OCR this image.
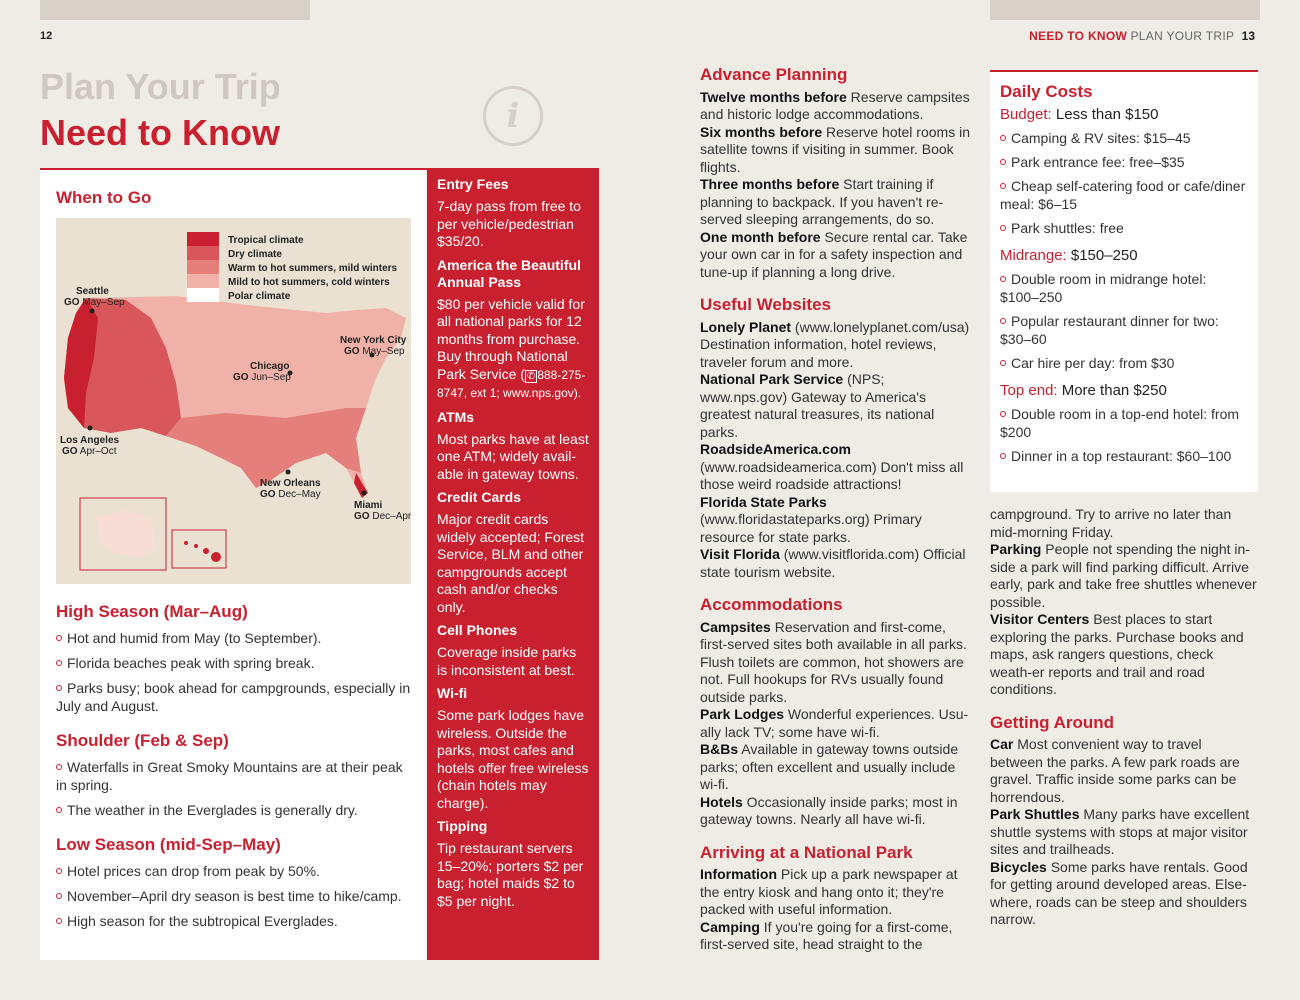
12	NEED TO KNOW PLAN YOUR TRIP 13
Plan Your Trip
Need to Know	i
When to Go
High Season (Mar–Aug)
Hot and humid from May (to September).
Florida beaches peak with spring break.
Parks busy; book ahead for campgrounds, especially in July and August.
Shoulder (Feb & Sep)
Waterfalls in Great Smoky Mountains are at their peak in spring.
The weather in the Everglades is generally dry.
Low Season (mid-Sep–May)
Hotel prices can drop from peak by 50%.
November–April dry season is best time to hike/camp.
High season for the subtropical Everglades.
Tropical climate
Dry climate
Warm to hot summers, mild winters
Mild to hot summers, cold winters
Polar climate
Seattle
GO May–Sep
New York City
GO May–Sep
Chicago
GO Jun–Sep
Los Angeles
GO Apr–Oct
New Orleans
GO Dec–May
Miami
GO Dec–Apr
Entry Fees
7-day pass from free to per vehicle/pedestrian $35/20.
America the Beautiful Annual Pass
$80 per vehicle valid for all national parks for 12 months from purchase. Buy through National Park Service ( ✆ 888-275-8747, ext 1; www.nps.gov).
ATMs
Most parks have at least one ATM; widely avail-able in gateway towns.
Credit Cards
Major credit cards widely accepted; Forest Service, BLM and other campgrounds accept cash and/or checks only.
Cell Phones
Coverage inside parks is inconsistent at best.
Wi-fi
Some park lodges have wireless. Outside the parks, most cafes and hotels offer free wireless (chain hotels may charge).
Tipping
Tip restaurant servers 15–20%; porters $2 per bag; hotel maids $2 to $5 per night.
Advance Planning
Twelve months before Reserve campsites and historic lodge accommodations.
Six months before Reserve hotel rooms in satellite towns if visiting in summer. Book flights.
Three months before Start training if planning to backpack. If you haven't re-served sleeping arrangements, do so.
One month before Secure rental car. Take your own car in for a safety inspection and tune-up if planning a long drive.
Useful Websites
Lonely Planet (www.lonelyplanet.com/usa) Destination information, hotel reviews, traveler forum and more.
National Park Service (NPS; www.nps.gov) Gateway to America's greatest natural treasures, its national parks.
RoadsideAmerica.com (www.roadsideamerica.com) Don't miss all those weird roadside attractions!
Florida State Parks (www.floridastateparks.org) Primary resource for state parks.
Visit Florida (www.visitflorida.com) Official state tourism website.
Accommodations
Campsites Reservation and first-come, first-served sites both available in all parks. Flush toilets are common, hot showers are not. Full hookups for RVs usually found outside parks.
Park Lodges Wonderful experiences. Usu-ally lack TV; some have wi-fi.
B&Bs Available in gateway towns outside parks; often excellent and usually include wi-fi.
Hotels Occasionally inside parks; most in gateway towns. Nearly all have wi-fi.
Arriving at a National Park
Information Pick up a park newspaper at the entry kiosk and hang onto it; they're packed with useful information.
Camping If you're going for a first-come, first-served site, head straight to the
Daily Costs
Budget: Less than $150
Camping & RV sites: $15–45
Park entrance fee: free–$35
Cheap self-catering food or cafe/diner meal: $6–15
Park shuttles: free
Midrange: $150–250
Double room in midrange hotel: $100–250
Popular restaurant dinner for two: $30–60
Car hire per day: from $30
Top end: More than $250
Double room in a top-end hotel: from $200
Dinner in a top restaurant: $60–100
campground. Try to arrive no later than mid-morning Friday.
Parking People not spending the night in-side a park will find parking difficult. Arrive early, park and take free shuttles whenever possible.
Visitor Centers Best places to start exploring the parks. Purchase books and maps, ask rangers questions, check weath-er reports and trail and road conditions.
Getting Around
Car Most convenient way to travel between the parks. A few park roads are gravel. Traffic inside some parks can be horrendous.
Park Shuttles Many parks have excellent shuttle systems with stops at major visitor sites and trailheads.
Bicycles Some parks have rentals. Good for getting around developed areas. Else-where, roads can be steep and shoulders narrow.
